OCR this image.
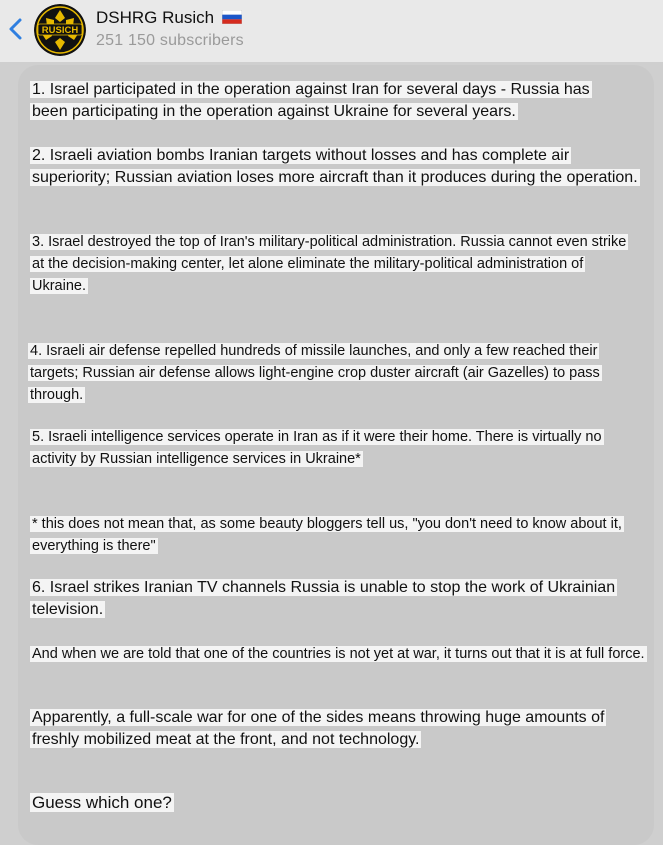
RUSICH
DSHRG Rusich
251 150 subscribers

1. Israel participated in the operation against Iran for several days - Russia has been participating in the operation against Ukraine for several years.

2. Israeli aviation bombs Iranian targets without losses and has complete air superiority; Russian aviation loses more aircraft than it produces during the operation.

3. Israel destroyed the top of Iran's military-political administration. Russia cannot even strike at the decision-making center, let alone eliminate the military-political administration of Ukraine.

4. Israeli air defense repelled hundreds of missile launches, and only a few reached their targets; Russian air defense allows light-engine crop duster aircraft (air Gazelles) to pass through.

5. Israeli intelligence services operate in Iran as if it were their home. There is virtually no activity by Russian intelligence services in Ukraine*

* this does not mean that, as some beauty bloggers tell us, "you don't need to know about it, everything is there"

6. Israel strikes Iranian TV channels Russia is unable to stop the work of Ukrainian television.

And when we are told that one of the countries is not yet at war, it turns out that it is at full force.

Apparently, a full-scale war for one of the sides means throwing huge amounts of freshly mobilized meat at the front, and not technology.

Guess which one?
